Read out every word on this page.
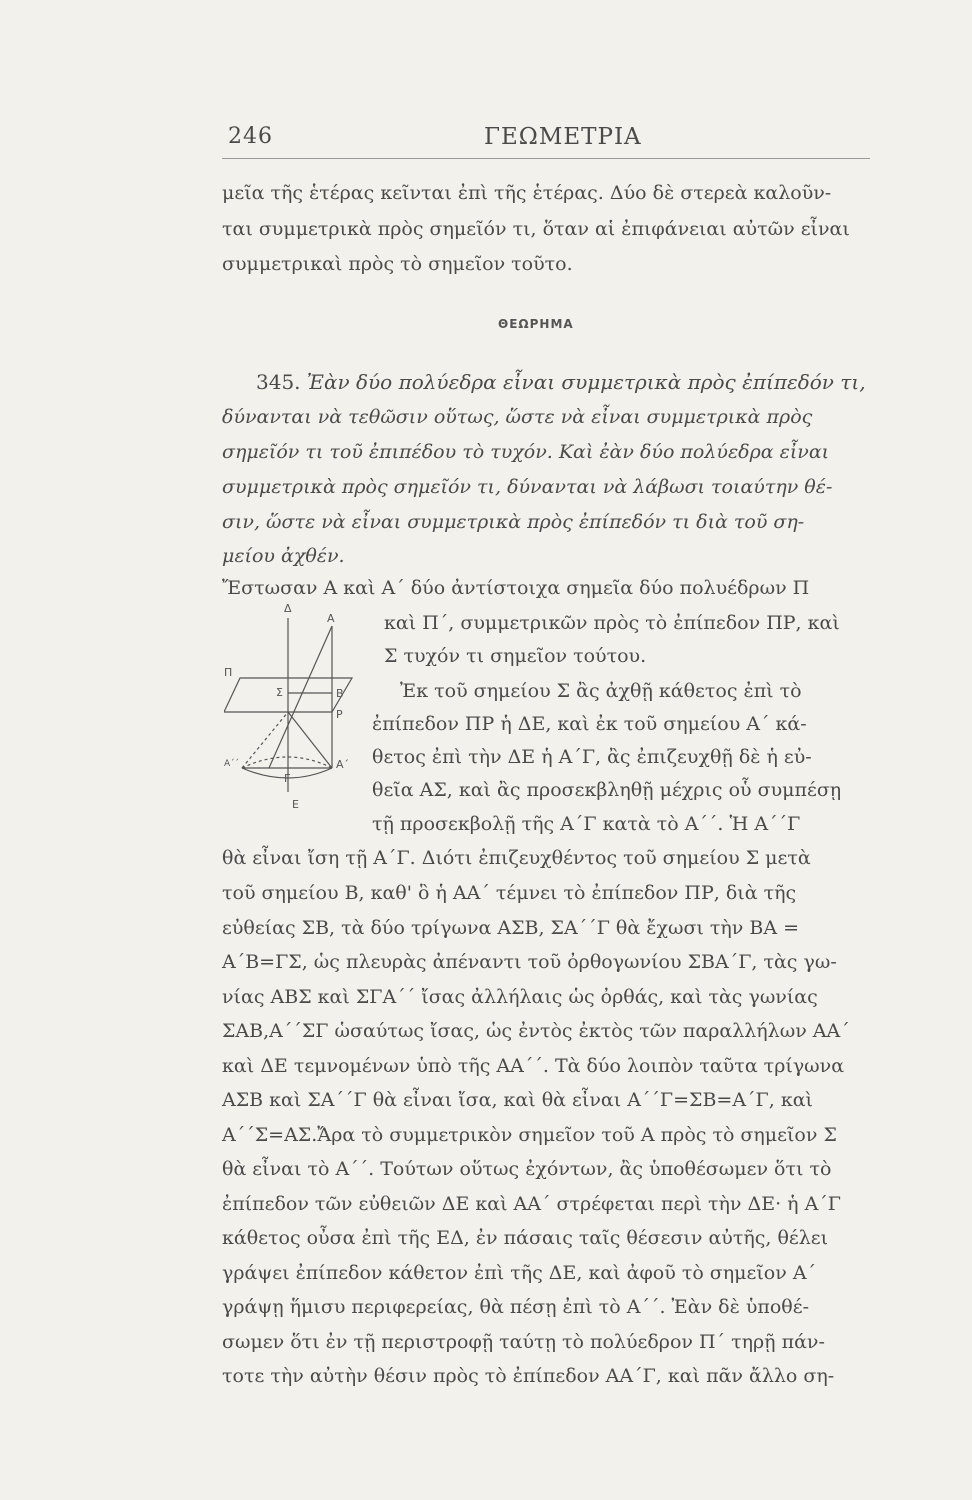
246	ΓΕΩΜΕΤΡΙΑ
μεῖα τῆς ἑτέρας κεῖνται ἐπὶ τῆς ἑτέρας. Δύο δὲ στερεὰ καλοῦν-
ται συμμετρικὰ πρὸς σημεῖόν τι, ὅταν αἱ ἐπιφάνειαι αὐτῶν εἶναι
συμμετρικαὶ πρὸς τὸ σημεῖον τοῦτο.
ΘΕΩΡΗΜΑ
345. Ἐὰν δύο πολύεδρα εἶναι συμμετρικὰ πρὸς ἐπίπεδόν τι,
δύνανται νὰ τεθῶσιν οὕτως, ὥστε νὰ εἶναι συμμετρικὰ πρὸς
σημεῖόν τι τοῦ ἐπιπέδου τὸ τυχόν. Καὶ ἐὰν δύο πολύεδρα εἶναι
συμμετρικὰ πρὸς σημεῖόν τι, δύνανται νὰ λάβωσι τοιαύτην θέ-
σιν, ὥστε νὰ εἶναι συμμετρικὰ πρὸς ἐπίπεδόν τι διὰ τοῦ ση-
μείου ἀχθέν.
Ἔστωσαν Α καὶ Α΄ δύο ἀντίστοιχα σημεῖα δύο πολυέδρων Π
καὶ Π΄, συμμετρικῶν πρὸς τὸ ἐπίπεδον ΠΡ, καὶ
Σ τυχόν τι σημεῖον τούτου.
Ἐκ τοῦ σημείου Σ ἂς ἀχθῇ κάθετος ἐπὶ τὸ
ἐπίπεδον ΠΡ ἡ ΔΕ, καὶ ἐκ τοῦ σημείου Α΄ κά-
θετος ἐπὶ τὴν ΔΕ ἡ Α΄Γ, ἂς ἐπιζευχθῇ δὲ ἡ εὐ-
θεῖα ΑΣ, καὶ ἂς προσεκβληθῇ μέχρις οὗ συμπέσῃ
τῇ προσεκβολῇ τῆς Α΄Γ κατὰ τὸ Α΄΄. Ἡ Α΄΄Γ
Δ
Α
Π
Σ	Β
Ρ
Α΄΄
Γ
Α΄
Ε
θὰ εἶναι ἴση τῇ Α΄Γ. Διότι ἐπιζευχθέντος τοῦ σημείου Σ μετὰ
τοῦ σημείου Β, καθ' ὃ ἡ ΑΑ΄ τέμνει τὸ ἐπίπεδον ΠΡ, διὰ τῆς
εὐθείας ΣΒ, τὰ δύο τρίγωνα ΑΣΒ, ΣΑ΄΄Γ θὰ ἔχωσι τὴν ΒΑ =
Α΄Β=ΓΣ, ὡς πλευρὰς ἀπέναντι τοῦ ὀρθογωνίου ΣΒΑ΄Γ, τὰς γω-
νίας ΑΒΣ καὶ ΣΓΑ΄΄ ἴσας ἀλλήλαις ὡς ὀρθάς, καὶ τὰς γωνίας
ΣΑΒ,Α΄΄ΣΓ ὡσαύτως ἴσας, ὡς ἐντὸς ἐκτὸς τῶν παραλλήλων ΑΑ΄
καὶ ΔΕ τεμνομένων ὑπὸ τῆς ΑΑ΄΄. Τὰ δύο λοιπὸν ταῦτα τρίγωνα
ΑΣΒ καὶ ΣΑ΄΄Γ θὰ εἶναι ἴσα, καὶ θὰ εἶναι Α΄΄Γ=ΣΒ=Α΄Γ, καὶ
Α΄΄Σ=ΑΣ.Ἄρα τὸ συμμετρικὸν σημεῖον τοῦ Α πρὸς τὸ σημεῖον Σ
θὰ εἶναι τὸ Α΄΄. Τούτων οὕτως ἐχόντων, ἂς ὑποθέσωμεν ὅτι τὸ
ἐπίπεδον τῶν εὐθειῶν ΔΕ καὶ ΑΑ΄ στρέφεται περὶ τὴν ΔΕ· ἡ Α΄Γ
κάθετος οὖσα ἐπὶ τῆς ΕΔ, ἐν πάσαις ταῖς θέσεσιν αὐτῆς, θέλει
γράψει ἐπίπεδον κάθετον ἐπὶ τῆς ΔΕ, καὶ ἀφοῦ τὸ σημεῖον Α΄
γράψῃ ἥμισυ περιφερείας, θὰ πέσῃ ἐπὶ τὸ Α΄΄. Ἐὰν δὲ ὑποθέ-
σωμεν ὅτι ἐν τῇ περιστροφῇ ταύτῃ τὸ πολύεδρον Π΄ τηρῇ πάν-
τοτε τὴν αὐτὴν θέσιν πρὸς τὸ ἐπίπεδον ΑΑ΄Γ, καὶ πᾶν ἄλλο ση-
